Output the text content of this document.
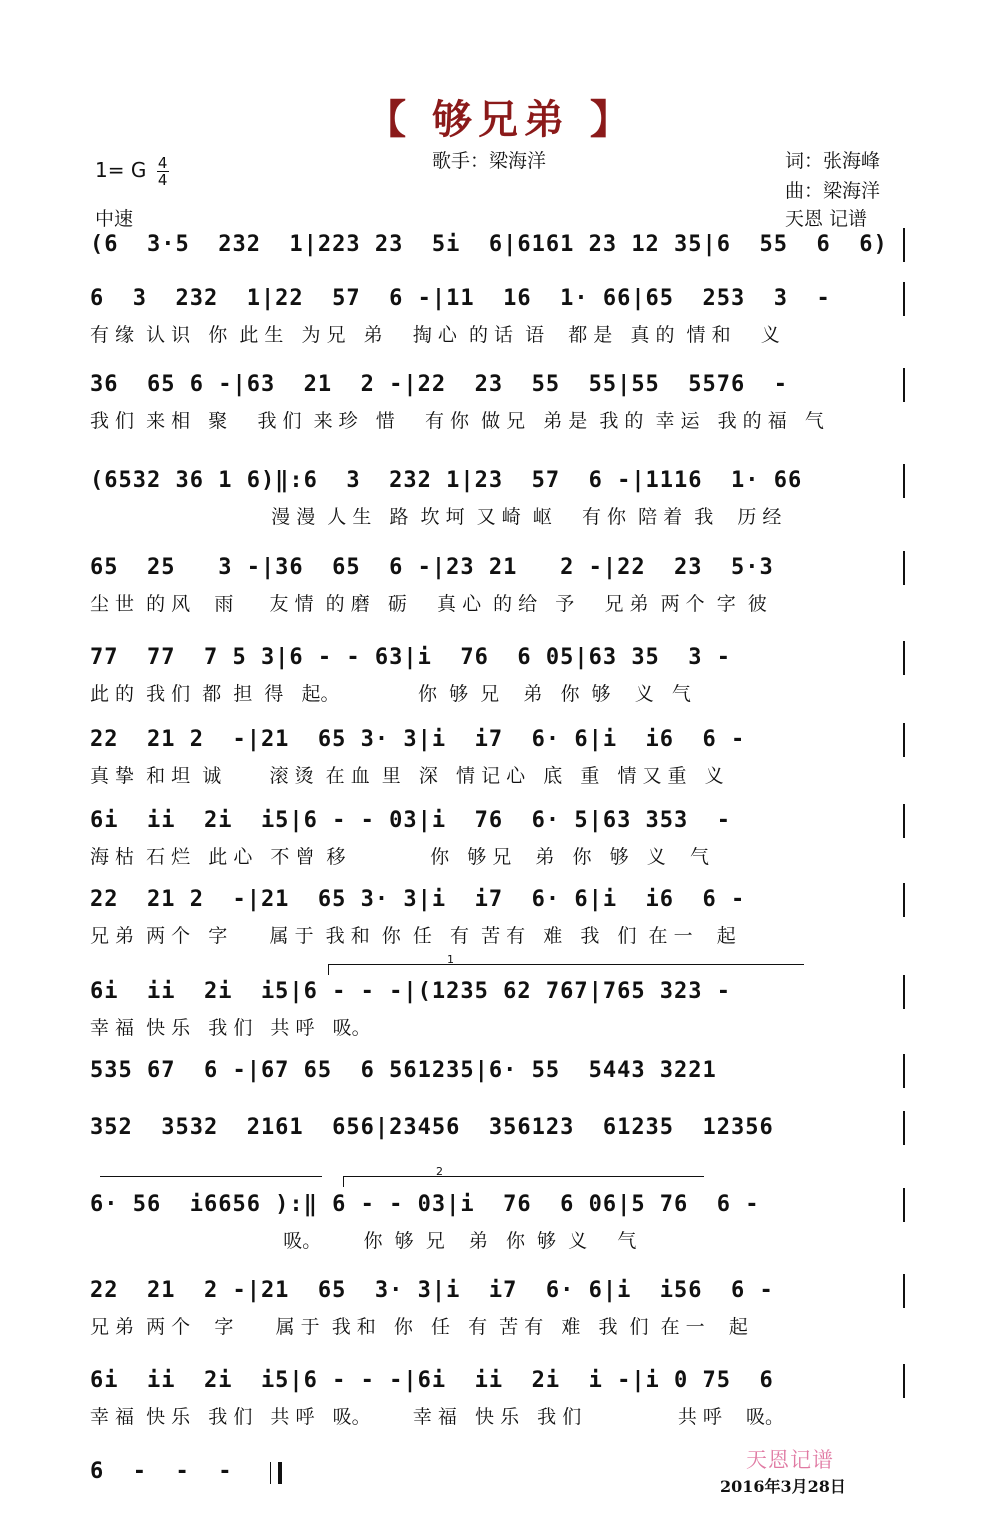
【 够兄弟 】
1= G $\frac{4}{4}$	歌手：梁海洋	词：张海峰
曲：梁海洋
天恩 记谱
中速
(6  3·5  232  1|223 23  5i  6|6161 23 12 35|6  55  6  6)
6  3  232  1|22  57  6 -|11  16  1· 66|65  253  3  -
有 缘  认 识   你  此 生   为 兄   弟     掏 心  的 话  语    都 是   真 的  情 和     义
36  65 6 -|63  21  2 -|22  23  55  55|55  5576  -
我 们  来 相   聚     我 们  来 珍   惜     有 你  做 兄   弟 是  我 的  幸 运   我 的 福   气
(6532 36 1 6)‖:6  3  232 1|23  57  6 -|1116  1· 66
漫 漫  人 生   路  坎 坷  又 崎  岖     有 你  陪 着  我    历 经
65  25   3 -|36  65  6 -|23 21   2 -|22  23  5·3
尘 世  的 风    雨      友 情  的 磨   砺     真 心  的 给   予     兄 弟  两 个  字  彼
77  77  7 5 3|6 - - 63|i  76  6 05|63 35  3 -
此 的  我 们  都  担  得   起。             你  够  兄    弟   你  够    义   气
22  21 2  -|21  65 3· 3|i  i7  6· 6|i  i6  6 -
真 挚  和 坦  诚        滚 烫  在 血  里   深   情 记 心   底   重   情 又 重   义
6i  ii  2i  i5|6 - - 03|i  76  6· 5|63 353  -
海 枯  石 烂   此 心   不 曾  移              你   够 兄    弟   你   够   义    气
22  21 2  -|21  65 3· 3|i  i7  6· 6|i  i6  6 -
兄 弟  两 个   字       属 于  我 和  你  任   有  苦 有   难   我   们  在 一    起
1
6i  ii  2i  i5|6 - - -|(1235 62 767|765 323 -
幸 福  快 乐   我 们   共 呼   吸。
535 67  6 -|67 65  6 561235|6· 55  5443 3221
352  3532  2161  656|23456  356123  61235  12356
2
6· 56  i6656 ):‖ 6 - - 03|i  76  6 06|5 76  6 -
吸。       你  够  兄    弟   你  够  义     气
22  21  2 -|21  65  3· 3|i  i7  6· 6|i  i56  6 -
兄 弟  两 个    字       属 于  我 和   你   任   有  苦 有   难   我  们  在 一    起
6i  ii  2i  i5|6 - - -|6i  ii  2i  i -|i 0 75  6
幸 福  快 乐   我 们   共 呼   吸。       幸 福   快 乐   我 们                共 呼    吸。
6  -  -  -	天恩记谱
2016年3月28日
